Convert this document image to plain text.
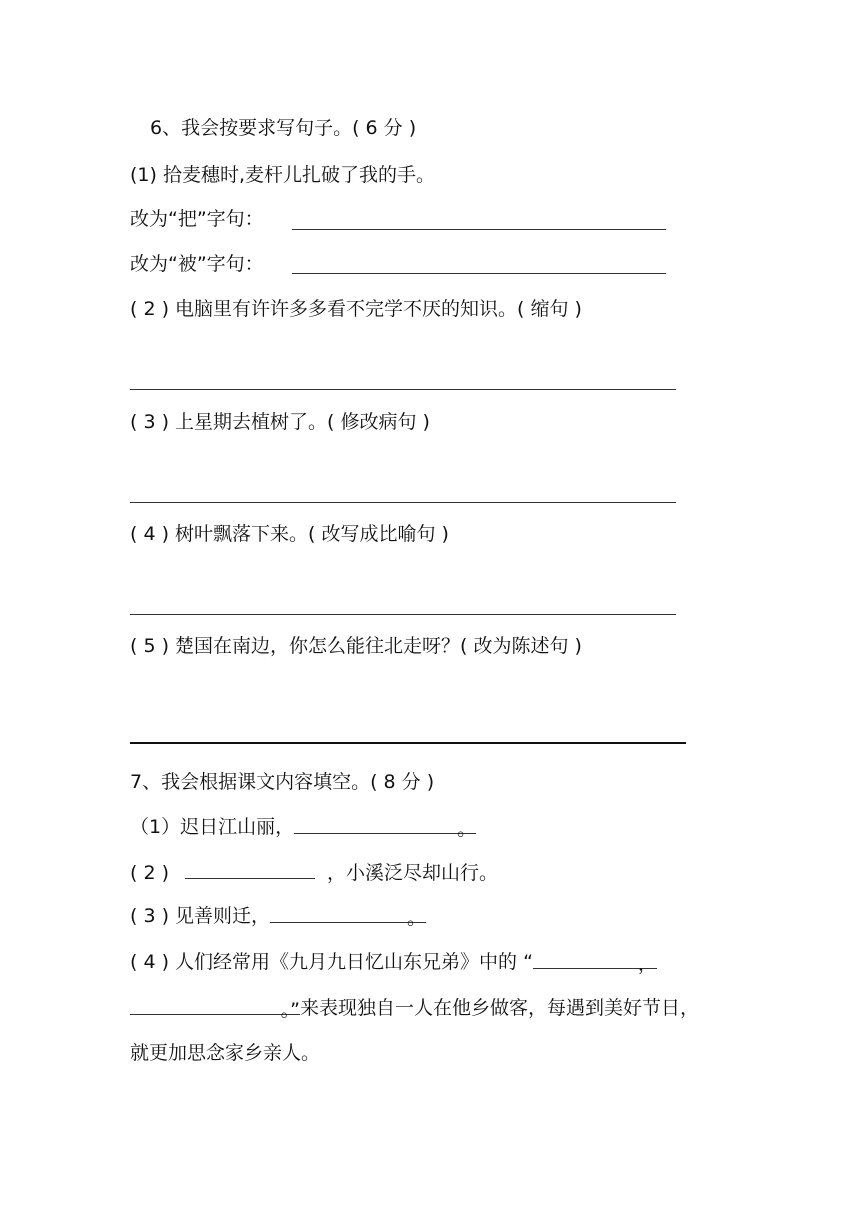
6、我会按要求写句子。( 6 分 )
(1) 拾麦穗时,麦杆儿扎破了我的手。
改为“把”字句：
改为“被”字句：
( 2 ) 电脑里有许许多多看不完学不厌的知识。( 缩句 )
( 3 ) 上星期去植树了。( 修改病句 )
( 4 ) 树叶飘落下来。( 改写成比喻句 )
( 5 ) 楚国在南边，你怎么能往北走呀？( 改为陈述句 )
7、我会根据课文内容填空。( 8 分 )
（1）迟日江山丽，	。
( 2 )	，小溪泛尽却山行。
( 3 ) 见善则迁，	。
( 4 ) 人们经常用《九月九日忆山东兄弟》中的 “	，
。”来表现独自一人在他乡做客，每遇到美好节日，
就更加思念家乡亲人。
